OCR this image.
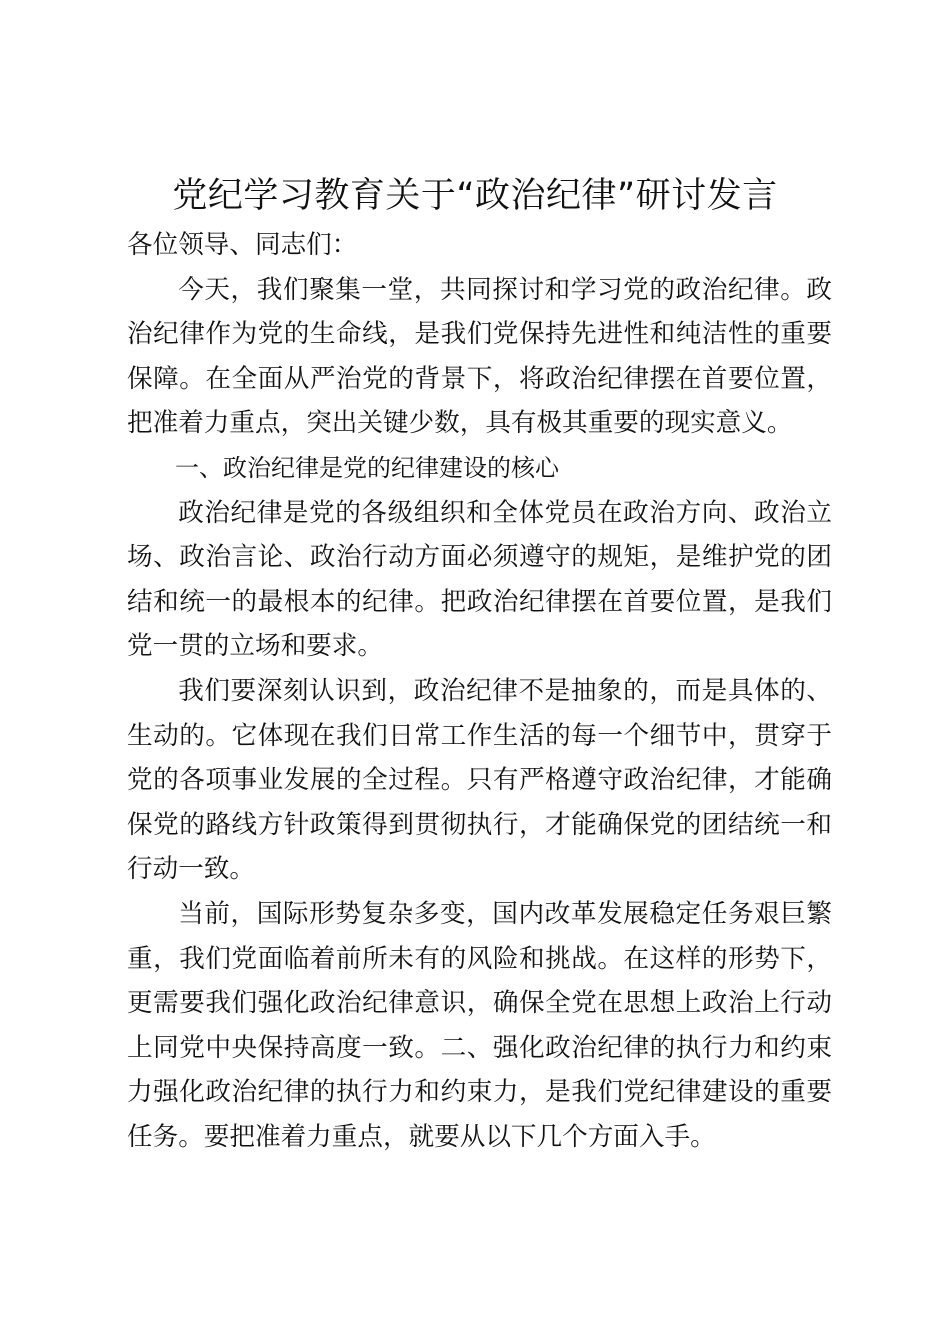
党纪学习教育关于“政治纪律”研讨发言

各位领导、同志们：

今天，我们聚集一堂，共同探讨和学习党的政治纪律。政治纪律作为党的生命线，是我们党保持先进性和纯洁性的重要保障。在全面从严治党的背景下，将政治纪律摆在首要位置，把准着力重点，突出关键少数，具有极其重要的现实意义。

一、政治纪律是党的纪律建设的核心

政治纪律是党的各级组织和全体党员在政治方向、政治立场、政治言论、政治行动方面必须遵守的规矩，是维护党的团结和统一的最根本的纪律。把政治纪律摆在首要位置，是我们党一贯的立场和要求。

我们要深刻认识到，政治纪律不是抽象的，而是具体的、生动的。它体现在我们日常工作生活的每一个细节中，贯穿于党的各项事业发展的全过程。只有严格遵守政治纪律，才能确保党的路线方针政策得到贯彻执行，才能确保党的团结统一和行动一致。

当前，国际形势复杂多变，国内改革发展稳定任务艰巨繁重，我们党面临着前所未有的风险和挑战。在这样的形势下，更需要我们强化政治纪律意识，确保全党在思想上政治上行动上同党中央保持高度一致。二、强化政治纪律的执行力和约束力强化政治纪律的执行力和约束力，是我们党纪律建设的重要任务。要把准着力重点，就要从以下几个方面入手。
